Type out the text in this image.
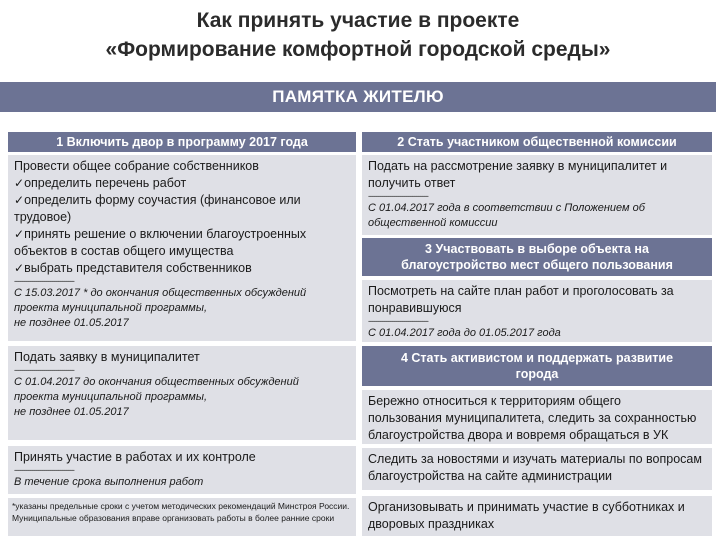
Как принять участие в проекте
«Формирование комфортной городской среды»
ПАМЯТКА ЖИТЕЛЮ
1 Включить двор в программу 2017 года
Провести общее собрание собственников
✓ определить перечень работ
✓ определить форму соучастия (финансовое или
трудовое)
✓ принять решение о включении благоустроенных
объектов в состав общего имущества
✓ выбрать представителя собственников
------------------------------
С 15.03.2017 * до окончания общественных обсуждений
проекта муниципальной программы,
не позднее 01.05.2017
Подать заявку в муниципалитет
------------------------------
С 01.04.2017 до окончания общественных обсуждений
проекта муниципальной программы,
не позднее 01.05.2017
Принять участие в работах и их контроле
------------------------------
В течение срока выполнения работ
*указаны предельные сроки с учетом методических рекомендаций Минстроя России. Муниципальные образования вправе организовать работы в более ранние сроки
2 Стать участником общественной комиссии
Подать на рассмотрение заявку в муниципалитет и
получить ответ
------------------------------
С 01.04.2017 года в соответствии с Положением об
общественной комиссии
3 Участвовать в выборе объекта на
благоустройство мест общего пользования
Посмотреть на сайте план работ и проголосовать за
понравившуюся
------------------------------
С 01.04.2017 года до 01.05.2017 года
4 Стать активистом и поддержать развитие
города
Бережно относиться к территориям общего
пользования муниципалитета, следить за сохранностью
благоустройства двора и вовремя обращаться в УК
Следить за новостями и изучать материалы по вопросам
благоустройства на сайте администрации
Организовывать и принимать участие в субботниках и
дворовых праздниках
